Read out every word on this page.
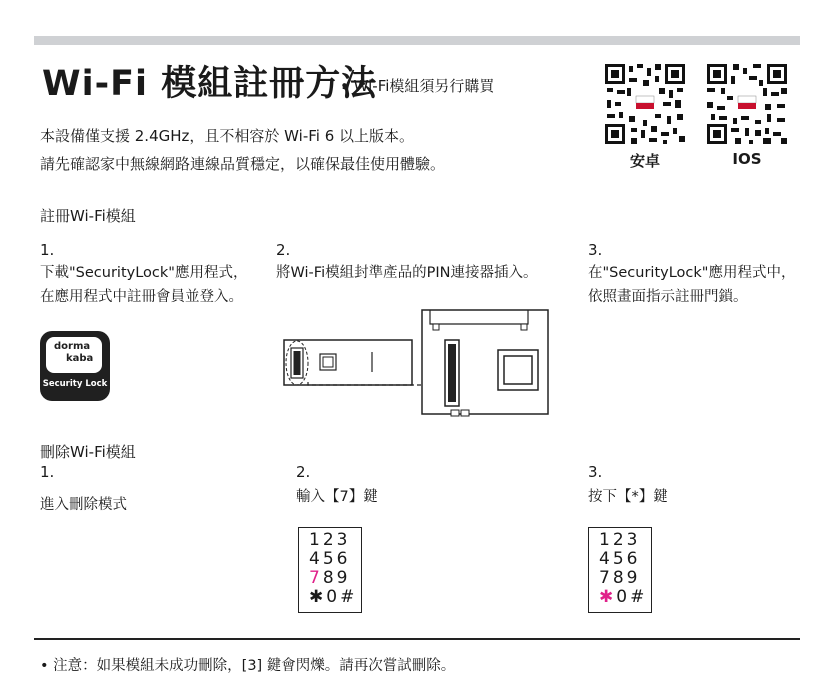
Wi-Fi 模組註冊方法
• Wi-Fi模組須另行購買
本設備僅支援 2.4GHz，且不相容於 Wi-Fi 6 以上版本。
請先確認家中無線網路連線品質穩定，以確保最佳使用體驗。	安卓	IOS
註冊Wi-Fi模組
1.
下載"SecurityLock"應用程式，
在應用程式中註冊會員並登入。
2.
將Wi-Fi模組封準產品的PIN連接器插入。
3.
在"SecurityLock"應用程式中，
依照畫面指示註冊門鎖。
dorma
kaba
Security Lock
刪除Wi-Fi模組
1.
進入刪除模式
2.
輸入【7】鍵
3.
按下【*】鍵
123
456
789
✱0#
123
456
789
✱0#
• 注意：如果模組未成功刪除，[3] 鍵會閃爍。請再次嘗試刪除。
